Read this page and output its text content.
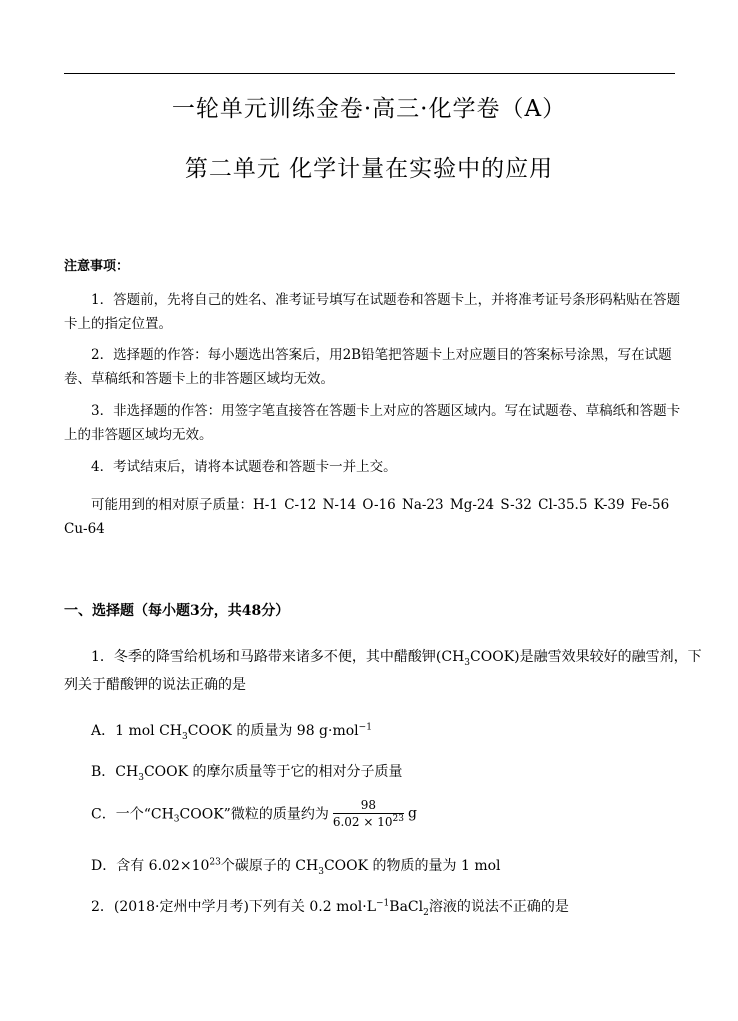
一轮单元训练金卷·高三·化学卷（A）
第二单元 化学计量在实验中的应用
注意事项：
1．答题前，先将自己的姓名、准考证号填写在试题卷和答题卡上，并将准考证号条形码粘贴在答题卡上的指定位置。
2．选择题的作答：每小题选出答案后，用2B铅笔把答题卡上对应题目的答案标号涂黑，写在试题卷、草稿纸和答题卡上的非答题区域均无效。
3．非选择题的作答：用签字笔直接答在答题卡上对应的答题区域内。写在试题卷、草稿纸和答题卡上的非答题区域均无效。
4．考试结束后，请将本试题卷和答题卡一并上交。
可能用到的相对原子质量：H-1 C-12 N-14 O-16 Na-23 Mg-24 S-32 Cl-35.5 K-39 Fe-56 Cu-64
一、选择题（每小题3分，共48分）
1．冬季的降雪给机场和马路带来诸多不便，其中醋酸钾$(CH_3COOK)$是融雪效果较好的融雪剂，下列关于醋酸钾的说法正确的是
A．1 mol $CH_3COOK$ 的质量为 98 g·mol$^{-1}$
B．$CH_3COOK$ 的摩尔质量等于它的相对分子质量
C．一个“$CH_3COOK$”微粒的质量约为 $\frac{98}{6.02 \times 10^{23}}$ g
D．含有 $6.02\times 10^{23}$个碳原子的 $CH_3COOK$ 的物质的量为 1 mol
2．(2018·定州中学月考)下列有关 0.2 $mol\cdot L^{-1}BaCl_2$溶液的说法不正确的是
